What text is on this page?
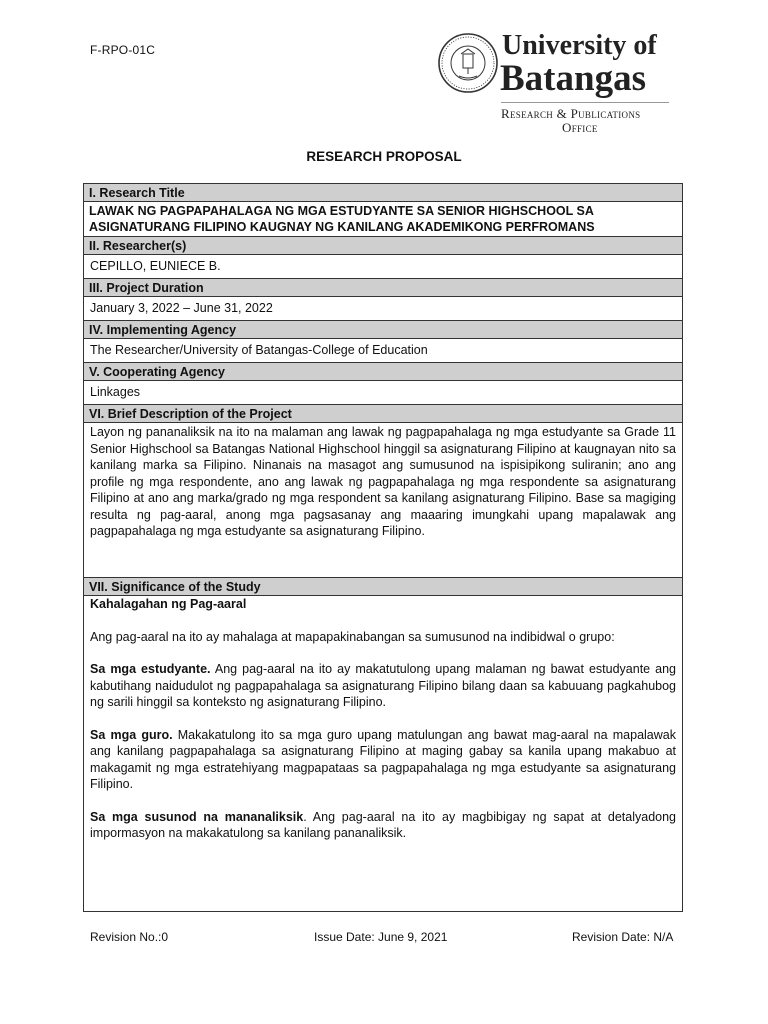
F-RPO-01C	University of
Batangas
Research & Publications
Office
RESEARCH PROPOSAL
I. Research Title
LAWAK NG PAGPAPAHALAGA NG MGA ESTUDYANTE SA SENIOR HIGHSCHOOL SA ASIGNATURANG FILIPINO KAUGNAY NG KANILANG AKADEMIKONG PERFROMANS
II. Researcher(s)
CEPILLO, EUNIECE B.
III. Project Duration
January 3, 2022 – June 31, 2022
IV. Implementing Agency
The Researcher/University of Batangas-College of Education
V. Cooperating Agency
Linkages
VI. Brief Description of the Project
Layon ng pananaliksik na ito na malaman ang lawak ng pagpapahalaga ng mga estudyante sa Grade 11 Senior Highschool sa Batangas National Highschool hinggil sa asignaturang Filipino at kaugnayan nito sa kanilang marka sa Filipino. Ninanais na masagot ang sumusunod na ispisipikong suliranin; ano ang profile ng mga respondente, ano ang lawak ng pagpapahalaga ng mga respondente sa asignaturang Filipino at ano ang marka/grado ng mga respondent sa kanilang asignaturang Filipino. Base sa magiging resulta ng pag-aaral, anong mga pagsasanay ang maaaring imungkahi upang mapalawak ang pagpapahalaga ng mga estudyante sa asignaturang Filipino.
VII. Significance of the Study
Kahalagahan ng Pag-aaral

Ang pag-aaral na ito ay mahalaga at mapapakinabangan sa sumusunod na indibidwal o grupo:

Sa mga estudyante. Ang pag-aaral na ito ay makatutulong upang malaman ng bawat estudyante ang kabutihang naidudulot ng pagpapahalaga sa asignaturang Filipino bilang daan sa kabuuang pagkahubog ng sarili hinggil sa konteksto ng asignaturang Filipino.

Sa mga guro. Makakatulong ito sa mga guro upang matulungan ang bawat mag-aaral na mapalawak ang kanilang pagpapahalaga sa asignaturang Filipino at maging gabay sa kanila upang makabuo at makagamit ng mga estratehiyang magpapataas sa pagpapahalaga ng mga estudyante sa asignaturang Filipino.

Sa mga susunod na mananaliksik. Ang pag-aaral na ito ay magbibigay ng sapat at detalyadong impormasyon na makakatulong sa kanilang pananaliksik.

Revision No.:0	Issue Date: June 9, 2021	Revision Date: N/A
